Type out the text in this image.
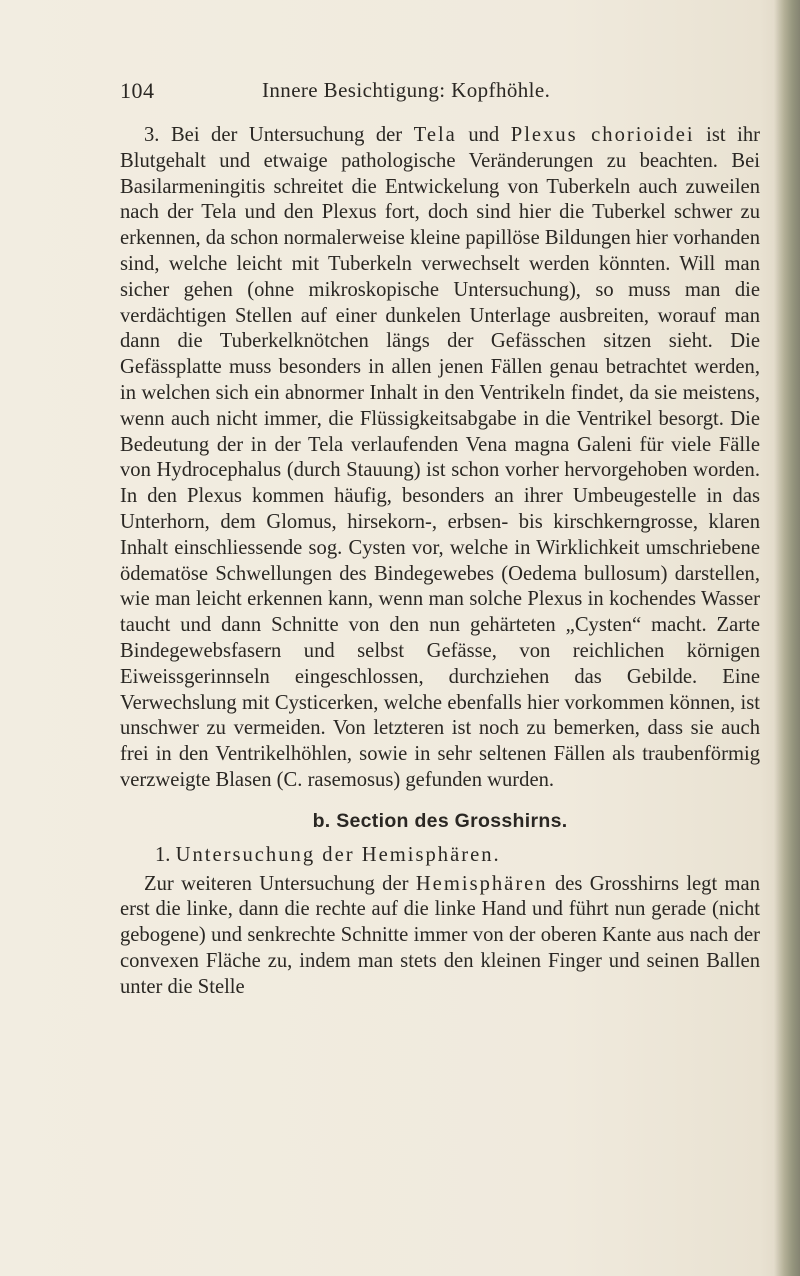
104	Innere Besichtigung: Kopfhöhle.

3. Bei der Untersuchung der Tela und Plexus chorioidei ist ihr Blutgehalt und etwaige pathologische Veränderungen zu beachten. Bei Basilarmeningitis schreitet die Entwickelung von Tuberkeln auch zuweilen nach der Tela und den Plexus fort, doch sind hier die Tuberkel schwer zu erkennen, da schon normalerweise kleine papillöse Bildungen hier vorhanden sind, welche leicht mit Tuberkeln verwechselt werden könnten. Will man sicher gehen (ohne mikroskopische Untersuchung), so muss man die verdächtigen Stellen auf einer dunkelen Unterlage ausbreiten, worauf man dann die Tuberkelknötchen längs der Gefässchen sitzen sieht. Die Gefässplatte muss besonders in allen jenen Fällen genau betrachtet werden, in welchen sich ein abnormer Inhalt in den Ventrikeln findet, da sie meistens, wenn auch nicht immer, die Flüssigkeitsabgabe in die Ventrikel besorgt. Die Bedeutung der in der Tela verlaufenden Vena magna Galeni für viele Fälle von Hydrocephalus (durch Stauung) ist schon vorher hervorgehoben worden. In den Plexus kommen häufig, besonders an ihrer Umbeugestelle in das Unterhorn, dem Glomus, hirsekorn-, erbsen- bis kirschkerngrosse, klaren Inhalt einschliessende sog. Cysten vor, welche in Wirklichkeit umschriebene ödematöse Schwellungen des Bindegewebes (Oedema bullosum) darstellen, wie man leicht erkennen kann, wenn man solche Plexus in kochendes Wasser taucht und dann Schnitte von den nun gehärteten „Cysten“ macht. Zarte Bindegewebsfasern und selbst Gefässe, von reichlichen körnigen Eiweissgerinnseln eingeschlossen, durchziehen das Gebilde. Eine Verwechslung mit Cysticerken, welche ebenfalls hier vorkommen können, ist unschwer zu vermeiden. Von letzteren ist noch zu bemerken, dass sie auch frei in den Ventrikelhöhlen, sowie in sehr seltenen Fällen als traubenförmig verzweigte Blasen (C. rasemosus) gefunden wurden.

b. Section des Grosshirns.
1. Untersuchung der Hemisphären.

Zur weiteren Untersuchung der Hemisphären des Grosshirns legt man erst die linke, dann die rechte auf die linke Hand und führt nun gerade (nicht gebogene) und senkrechte Schnitte immer von der oberen Kante aus nach der convexen Fläche zu, indem man stets den kleinen Finger und seinen Ballen unter die Stelle
